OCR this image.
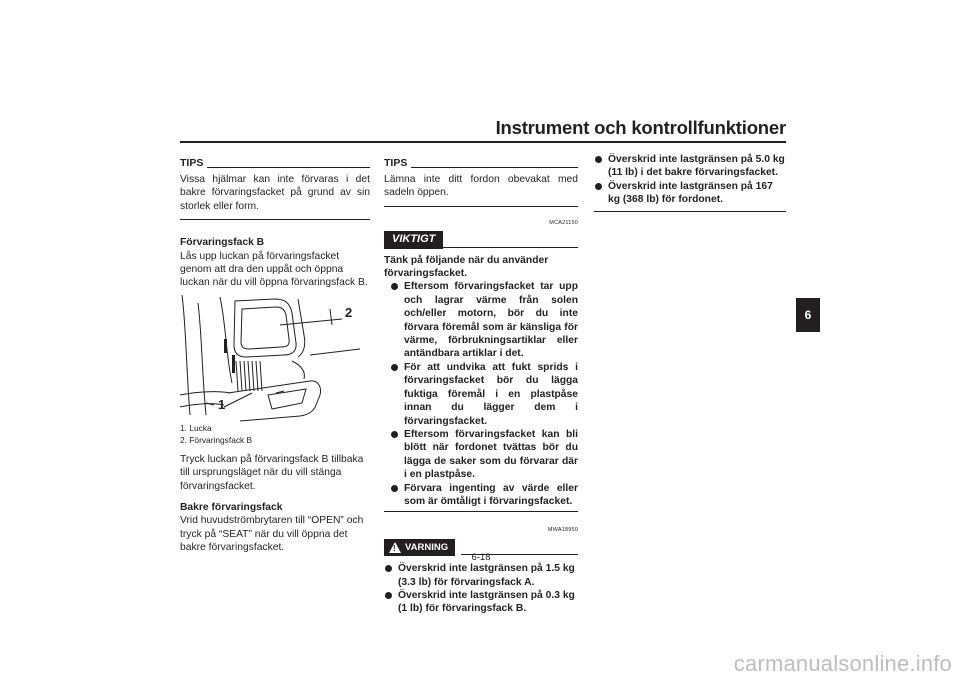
Instrument och kontrollfunktioner
6
TIPS

Vissa hjälmar kan inte förvaras i det bakre förvaringsfacket på grund av sin storlek eller form.

Förvaringsfack B

Lås upp luckan på förvaringsfacket genom att dra den uppåt och öppna luckan när du vill öppna förvaringsfack B.

2
1
1. Lucka
2. Förvaringsfack B

Tryck luckan på förvaringsfack B tillbaka till ursprungsläget när du vill stänga förvaringsfacket.

Bakre förvaringsfack

Vrid huvudströmbrytaren till “OPEN” och tryck på “SEAT” när du vill öppna det bakre förvaringsfacket.

TIPS

Lämna inte ditt fordon obevakat med sadeln öppen.

MCA21150
VIKTIGT

Tänk på följande när du använder förvaringsfacket.

Eftersom förvaringsfacket tar upp och lagrar värme från solen och/eller motorn, bör du inte förvara föremål som är känsliga för värme, förbrukningsartiklar eller antändbara artiklar i det.
För att undvika att fukt sprids i förvaringsfacket bör du lägga fuktiga föremål i en plastpåse innan du lägger dem i förvaringsfacket.
Eftersom förvaringsfacket kan bli blött när fordonet tvättas bör du lägga de saker som du förvarar där i en plastpåse.
Förvara ingenting av värde eller som är ömtåligt i förvaringsfacket.
MWA18950
! VARNING
Överskrid inte lastgränsen på 1.5 kg (3.3 lb) för förvaringsfack A.
Överskrid inte lastgränsen på 0.3 kg (1 lb) för förvaringsfack B.
Överskrid inte lastgränsen på 5.0 kg (11 lb) i det bakre förvaringsfacket.
Överskrid inte lastgränsen på 167 kg (368 lb) för fordonet.
6-18
carmanualsonline.info
